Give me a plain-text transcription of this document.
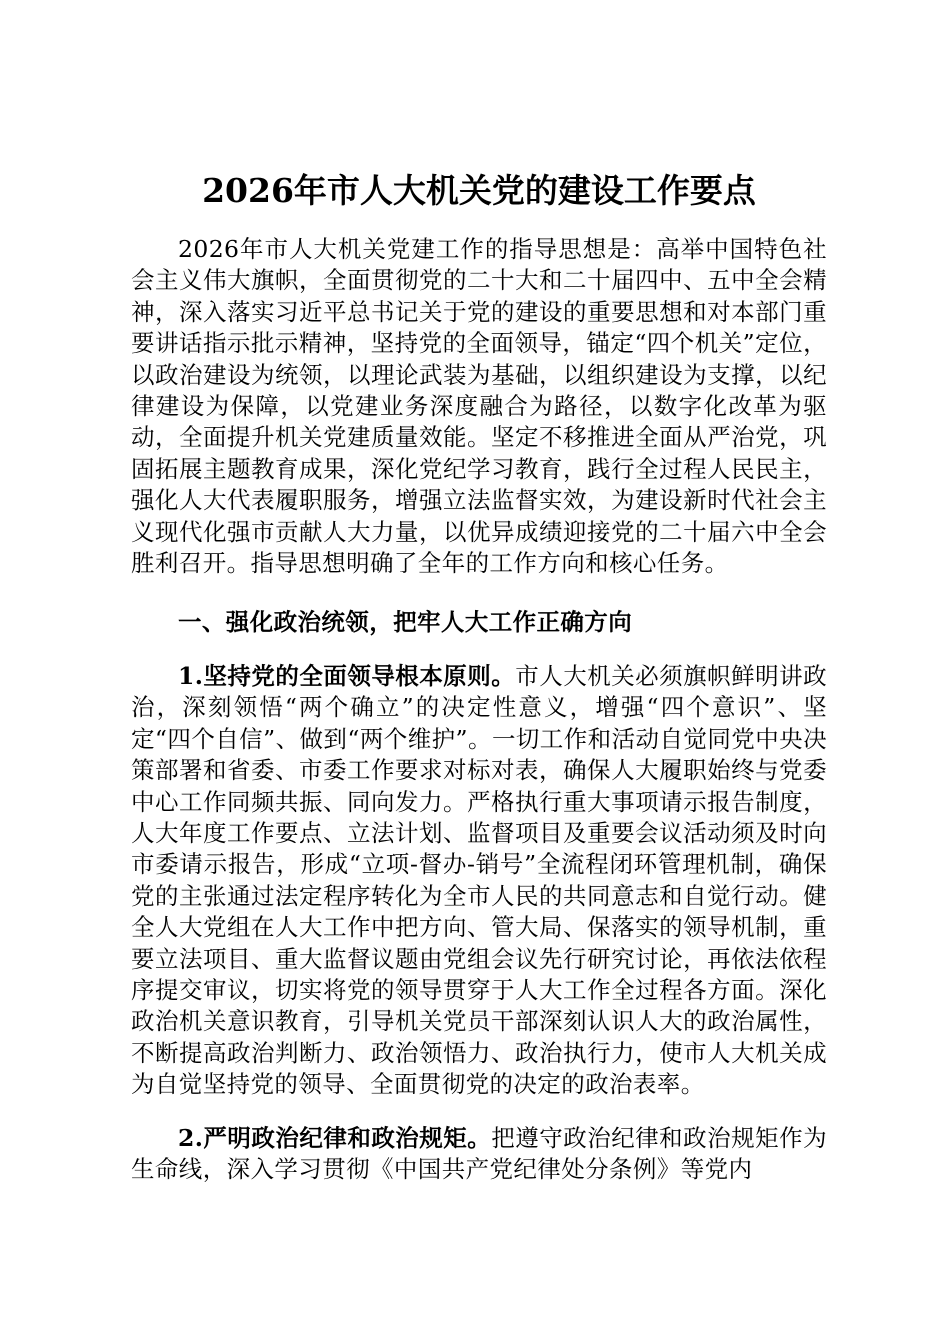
2026年市人大机关党的建设工作要点

2026年市人大机关党建工作的指导思想是：高举中国特色社会主义伟大旗帜，全面贯彻党的二十大和二十届四中、五中全会精神，深入落实习近平总书记关于党的建设的重要思想和对本部门重要讲话指示批示精神，坚持党的全面领导，锚定“四个机关”定位，以政治建设为统领，以理论武装为基础，以组织建设为支撑，以纪律建设为保障，以党建业务深度融合为路径，以数字化改革为驱动，全面提升机关党建质量效能。坚定不移推进全面从严治党，巩固拓展主题教育成果，深化党纪学习教育，践行全过程人民民主，强化人大代表履职服务，增强立法监督实效，为建设新时代社会主义现代化强市贡献人大力量，以优异成绩迎接党的二十届六中全会胜利召开。指导思想明确了全年的工作方向和核心任务。

一、强化政治统领，把牢人大工作正确方向

1.坚持党的全面领导根本原则。市人大机关必须旗帜鲜明讲政治，深刻领悟“两个确立”的决定性意义，增强“四个意识”、坚定“四个自信”、做到“两个维护”。一切工作和活动自觉同党中央决策部署和省委、市委工作要求对标对表，确保人大履职始终与党委中心工作同频共振、同向发力。严格执行重大事项请示报告制度，人大年度工作要点、立法计划、监督项目及重要会议活动须及时向市委请示报告，形成“立项-督办-销号”全流程闭环管理机制，确保党的主张通过法定程序转化为全市人民的共同意志和自觉行动。健全人大党组在人大工作中把方向、管大局、保落实的领导机制，重要立法项目、重大监督议题由党组会议先行研究讨论，再依法依程序提交审议，切实将党的领导贯穿于人大工作全过程各方面。深化政治机关意识教育，引导机关党员干部深刻认识人大的政治属性，不断提高政治判断力、政治领悟力、政治执行力，使市人大机关成为自觉坚持党的领导、全面贯彻党的决定的政治表率。

2.严明政治纪律和政治规矩。把遵守政治纪律和政治规矩作为生命线，深入学习贯彻《中国共产党纪律处分条例》等党内
